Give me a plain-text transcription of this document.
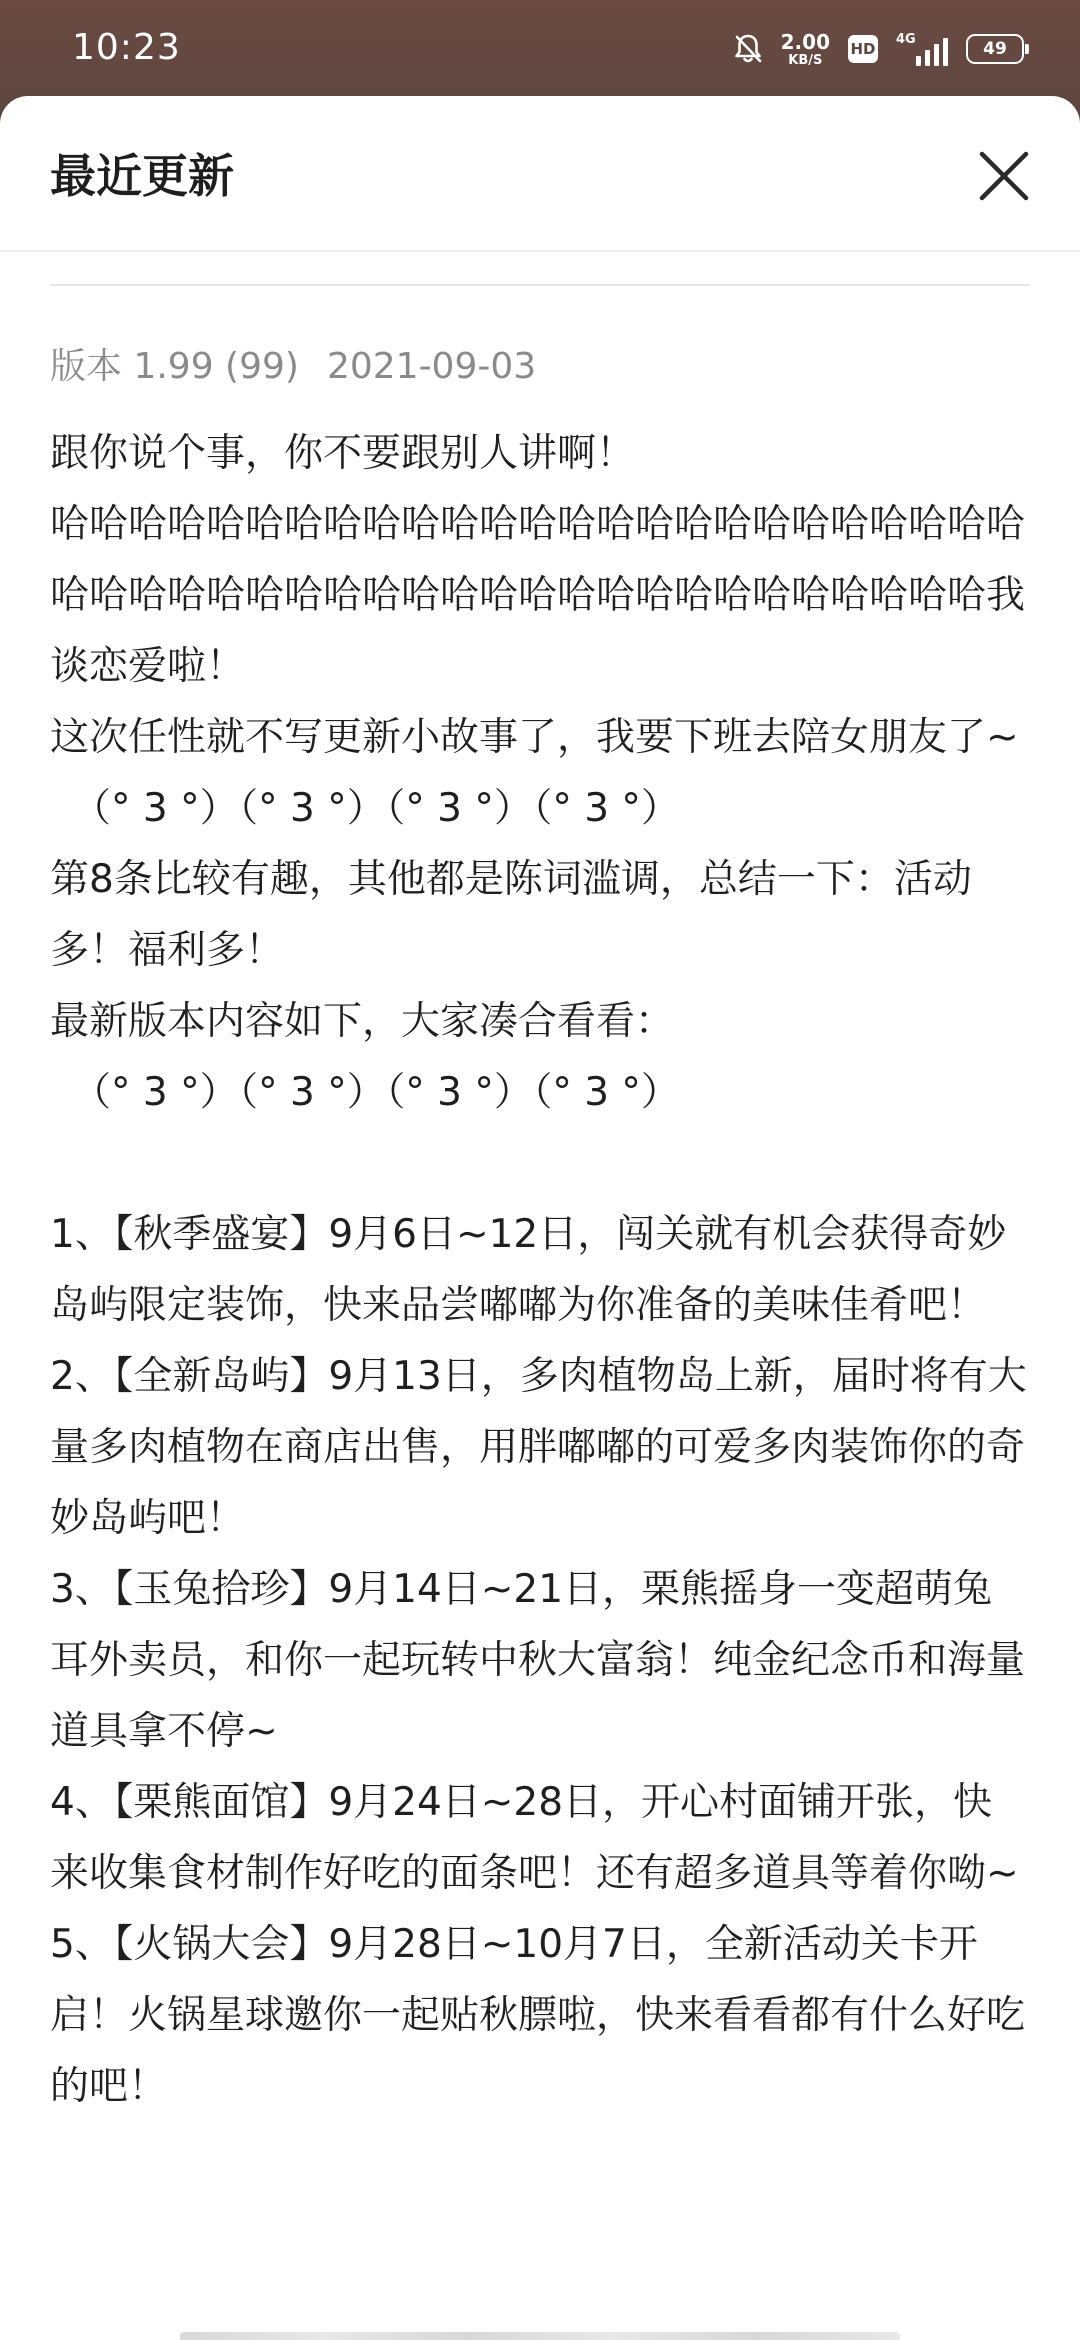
10:23	2.00
KB/S
HD
4G	49
最近更新
版本 1.99 (99) 2021-09-03

跟你说个事，你不要跟别人讲啊！

哈哈哈哈哈哈哈哈哈哈哈哈哈哈哈哈哈哈哈哈哈哈哈哈哈哈哈哈哈哈哈哈哈哈哈哈哈哈哈哈哈哈哈哈哈哈哈哈哈我谈恋爱啦！

这次任性就不写更新小故事了，我要下班去陪女朋友了~

（° 3 °）（° 3 °）（° 3 °）（° 3 °）

第8条比较有趣，其他都是陈词滥调，总结一下：活动多！福利多！

最新版本内容如下，大家凑合看看：

（° 3 °）（° 3 °）（° 3 °）（° 3 °）

1、【秋季盛宴】9月6日~12日，闯关就有机会获得奇妙岛屿限定装饰，快来品尝嘟嘟为你准备的美味佳肴吧！

2、【全新岛屿】9月13日，多肉植物岛上新，届时将有大量多肉植物在商店出售，用胖嘟嘟的可爱多肉装饰你的奇妙岛屿吧！

3、【玉兔拾珍】9月14日~21日，栗熊摇身一变超萌兔耳外卖员，和你一起玩转中秋大富翁！纯金纪念币和海量道具拿不停~

4、【栗熊面馆】9月24日~28日，开心村面铺开张，快来收集食材制作好吃的面条吧！还有超多道具等着你呦~

5、【火锅大会】9月28日~10月7日，全新活动关卡开启！火锅星球邀你一起贴秋膘啦，快来看看都有什么好吃的吧！
